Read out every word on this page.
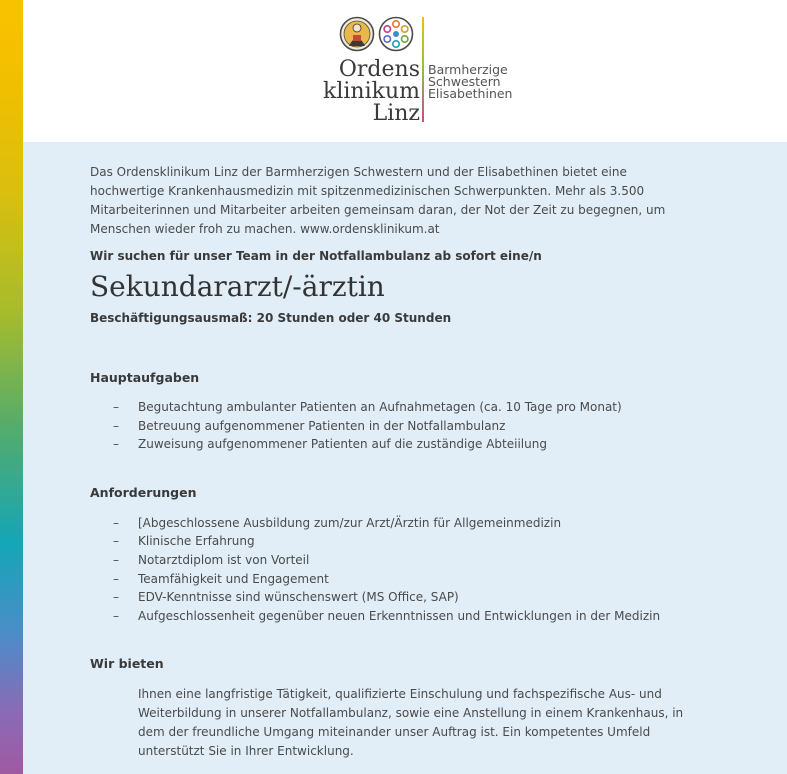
Ordens
klinikum
Linz
Barmherzige
Schwestern
Elisabethinen

Das Ordensklinikum Linz der Barmherzigen Schwestern und der Elisabethinen bietet eine hochwertige Krankenhausmedizin mit spitzenmedizinischen Schwerpunkten. Mehr als 3.500 Mitarbeiterinnen und Mitarbeiter arbeiten gemeinsam daran, der Not der Zeit zu begegnen, um Menschen wieder froh zu machen. www.ordensklinikum.at

Wir suchen für unser Team in der Notfallambulanz ab sofort eine/n

Sekundararzt/-ärztin

Beschäftigungsausmaß: 20 Stunden oder 40 Stunden

Hauptaufgaben
– Begutachtung ambulanter Patienten an Aufnahmetagen (ca. 10 Tage pro Monat)
– Betreuung aufgenommener Patienten in der Notfallambulanz
– Zuweisung aufgenommener Patienten auf die zuständige Abteiilung
Anforderungen
– [Abgeschlossene Ausbildung zum/zur Arzt/Ärztin für Allgemeinmedizin
– Klinische Erfahrung
– Notarztdiplom ist von Vorteil
– Teamfähigkeit und Engagement
– EDV-Kenntnisse sind wünschenswert (MS Office, SAP)
– Aufgeschlossenheit gegenüber neuen Erkenntnissen und Entwicklungen in der Medizin
Wir bieten

Ihnen eine langfristige Tätigkeit, qualifizierte Einschulung und fachspezifische Aus- und Weiterbildung in unserer Notfallambulanz, sowie eine Anstellung in einem Krankenhaus, in dem der freundliche Umgang miteinander unser Auftrag ist. Ein kompetentes Umfeld unterstützt Sie in Ihrer Entwicklung.
